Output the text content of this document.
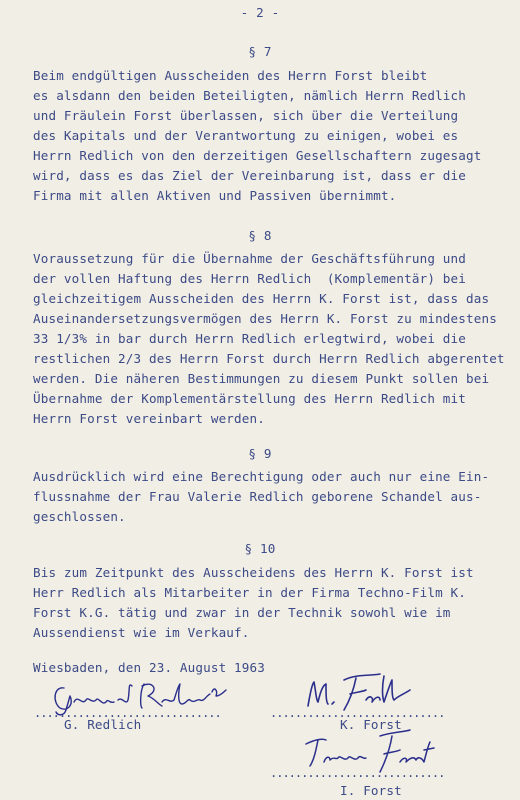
- 2 -
§ 7
Beim endgültigen Ausscheiden des Herrn Forst bleibt
es alsdann den beiden Beteiligten, nämlich Herrn Redlich
und Fräulein Forst überlassen, sich über die Verteilung
des Kapitals und der Verantwortung zu einigen, wobei es
Herrn Redlich von den derzeitigen Gesellschaftern zugesagt
wird, dass es das Ziel der Vereinbarung ist, dass er die
Firma mit allen Aktiven und Passiven übernimmt.
§ 8
Voraussetzung für die Übernahme der Geschäftsführung und
der vollen Haftung des Herrn Redlich  (Komplementär) bei
gleichzeitigem Ausscheiden des Herrn K. Forst ist, dass das
Auseinandersetzungsvermögen des Herrn K. Forst zu mindestens
33 1/3% in bar durch Herrn Redlich erlegtwird, wobei die
restlichen 2/3 des Herrn Forst durch Herrn Redlich abgerentet
werden. Die näheren Bestimmungen zu diesem Punkt sollen bei
Übernahme der Komplementärstellung des Herrn Redlich mit
Herrn Forst vereinbart werden.
§ 9
Ausdrücklich wird eine Berechtigung oder auch nur eine Ein-
flussnahme der Frau Valerie Redlich geborene Schandel aus-
geschlossen.
§ 10
Bis zum Zeitpunkt des Ausscheidens des Herrn K. Forst ist
Herr Redlich als Mitarbeiter in der Firma Techno-Film K.
Forst K.G. tätig und zwar in der Technik sowohl wie im
Aussendienst wie im Verkauf.
Wiesbaden, den 23. August 1963
..............................
G. Redlich
............................
K. Forst
............................
I. Forst
